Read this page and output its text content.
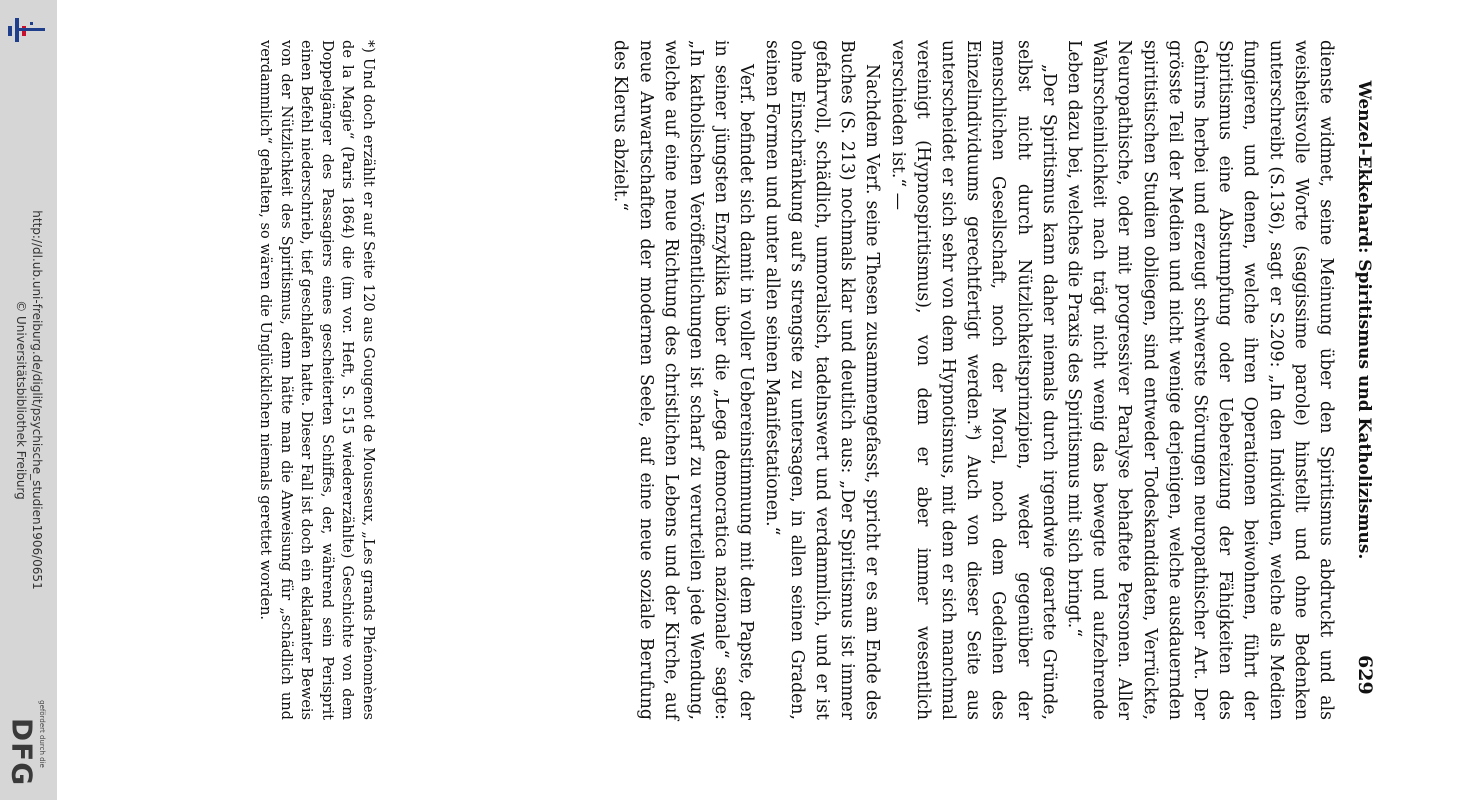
http://dl.ub.uni-freiburg.de/diglit/psychische_studien1906/0651
© Universitätsbibliothek Freiburg
gefördert durch die
DFG
Wenzel-Ekkehard: Spiritismus und Katholizismus.
629

dienste widmet, seine Meinung über den Spiritismus abdruckt und als weisheitsvolle Worte (saggissime parole) hinstellt und ohne Bedenken unterschreibt (S.136), sagt er S.209: „In den Individuen, welche als Medien fungieren, und denen, welche ihren Operationen beiwohnen, führt der Spiritismus eine Abstumpfung oder Uebereizung der Fähigkeiten des Gehirns herbei und erzeugt schwerste Störungen neuropathischer Art. Der grösste Teil der Medien und nicht wenige derjenigen, welche ausdauernden spiritistischen Studien obliegen, sind entweder Todeskandidaten, Verrückte, Neuropathische, oder mit progressiver Paralyse behaftete Personen. Aller Wahrscheinlichkeit nach trägt nicht wenig das bewegte und aufzehrende Leben dazu bei, welches die Praxis des Spiritismus mit sich bringt.“

„Der Spiritismus kann daher niemals durch irgendwie geartete Gründe, selbst nicht durch Nützlichkeitsprinzipien, weder gegenüber der menschlichen Gesellschaft, noch der Moral, noch dem Gedeihen des Einzelindividuums gerechtfertigt werden.*) Auch von dieser Seite aus unterscheidet er sich sehr von dem Hypnotismus, mit dem er sich manchmal vereinigt (Hypnospiritismus), von dem er aber immer wesentlich verschieden ist.“ —

Nachdem Verf. seine Thesen zusammengefasst, spricht er es am Ende des Buches (S. 213) nochmals klar und deutlich aus: „Der Spiritismus ist immer gefahrvoll, schädlich, unmoralisch, tadelnswert und verdammlich, und er ist ohne Einschränkung auf's strengste zu untersagen, in allen seinen Graden, seinen Formen und unter allen seinen Manifestationen.“

Verf. befindet sich damit in voller Uebereinstimmung mit dem Papste, der in seiner jüngsten Enzyklika über die „Lega democratica nazionale“ sagte: „In katholischen Veröffentlichungen ist scharf zu verurteilen jede Wendung, welche auf eine neue Richtung des christlichen Lebens und der Kirche, auf neue Anwartschaften der modernen Seele, auf eine neue soziale Berufung des Klerus abzielt.“

*) Und doch erzählt er auf Seite 120 aus Gougenot de Mousseux, „Les grands Phénomènes de la Magie“ (Paris 1864) die (im vor. Heft, S. 515 wiedererzählte) Geschichte von dem Doppelgänger des Passagiers eines gescheiterten Schiffes, der, während sein Perisprit einen Befehl niederschrieb, tief geschlafen hatte. Dieser Fall ist doch ein eklatanter Beweis von der Nützlichkeit des Spiritismus, denn hätte man die Anweisung für „schädlich und verdammlich“ gehalten, so wären die Unglücklichen niemals gerettet worden.
